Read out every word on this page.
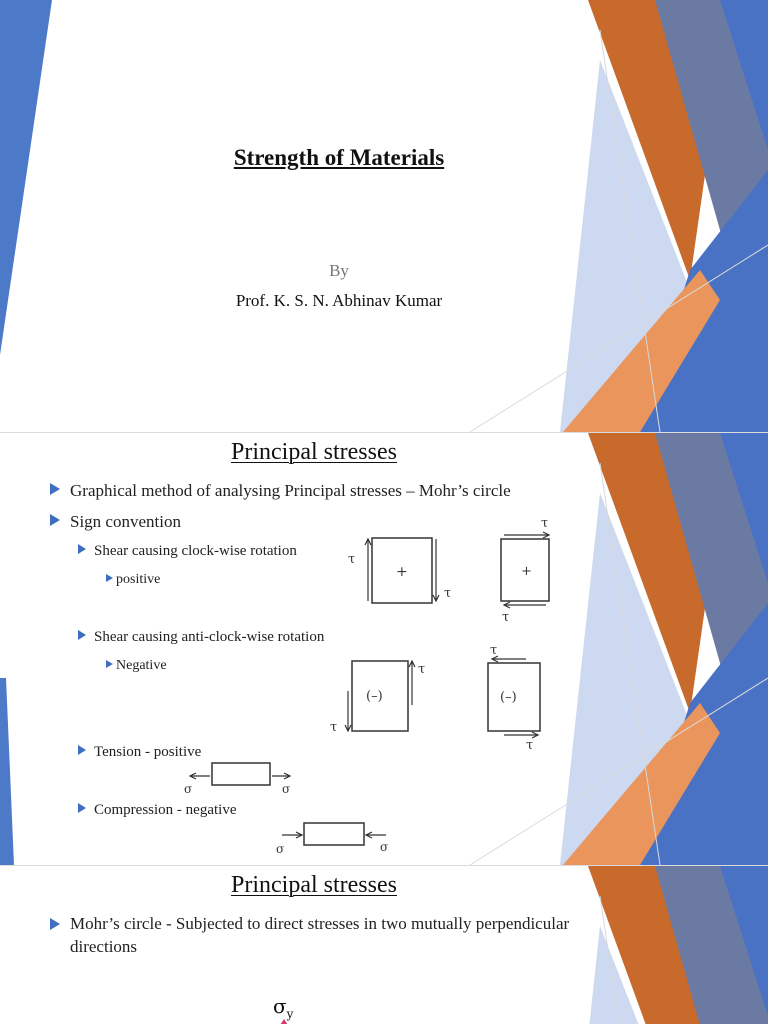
Strength of Materials
By
Prof. K. S. N. Abhinav Kumar
Principal stresses
Graphical method of analysing Principal stresses – Mohr’s circle
Sign convention
Shear causing clock-wise rotation
positive
Shear causing anti-clock-wise rotation
Negative
Tension - positive
Compression - negative
+
τ
τ
+
τ
τ
(–)
τ
τ
(–)
τ
τ
σ	σ
σ	σ
Principal stresses
Mohr’s circle - Subjected to direct stresses in two mutually perpendicular directions
$\sigma_y$
